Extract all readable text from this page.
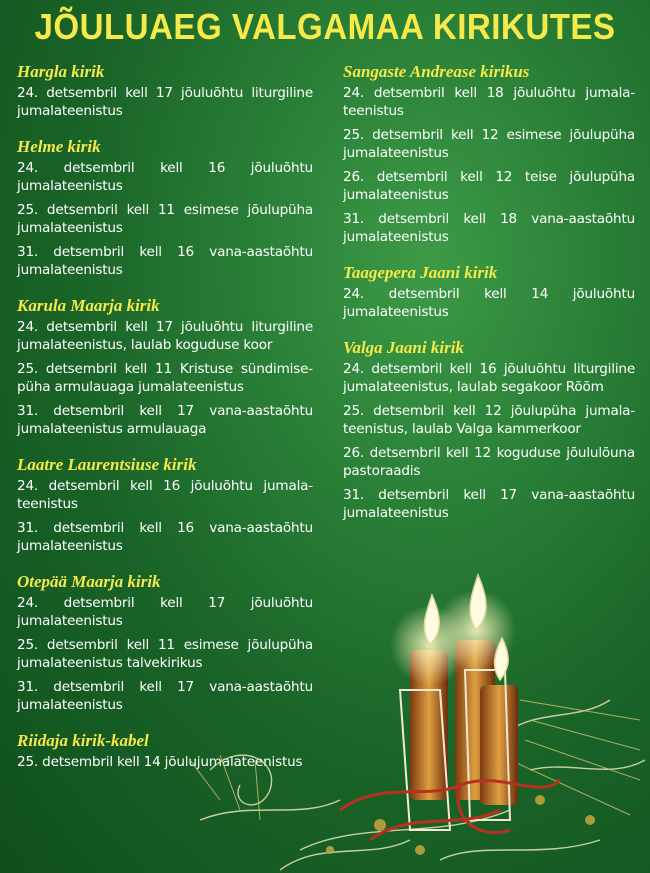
JÕULUAEG VALGAMAA KIRIKUTES
Hargla kirik
24. detsembril kell 17 jõuluõhtu liturgiline jumalateenistus
Helme kirik
24. detsembril kell 16 jõuluõhtu jumalateenistus
25. detsembril kell 11 esimese jõulupüha jumalateenistus
31. detsembril kell 16 vana-aastaõhtu jumalateenistus
Karula Maarja kirik
24. detsembril kell 17 jõuluõhtu liturgiline jumalateenistus, laulab koguduse koor
25. detsembril kell 11 Kristuse sündimise-püha armulauaga jumalateenistus
31. detsembril kell 17 vana-aastaõhtu jumalateenistus armulauaga
Laatre Laurentsiuse kirik
24. detsembril kell 16 jõuluõhtu jumala-teenistus
31. detsembril kell 16 vana-aastaõhtu jumalateenistus
Otepää Maarja kirik
24. detsembril kell 17 jõuluõhtu jumalateenistus
25. detsembril kell 11 esimese jõulupüha jumalateenistus talvekirikus
31. detsembril kell 17 vana-aastaõhtu jumalateenistus
Riidaja kirik-kabel
25. detsembril kell 14 jõulujumalateenistus
Sangaste Andrease kirikus
24. detsembril kell 18 jõuluõhtu jumala-teenistus
25. detsembril kell 12 esimese jõulupüha jumalateenistus
26. detsembril kell 12 teise jõulupüha jumalateenistus
31. detsembril kell 18 vana-aastaõhtu jumalateenistus
Taagepera Jaani kirik
24. detsembril kell 14 jõuluõhtu jumalateenistus
Valga Jaani kirik
24. detsembril kell 16 jõuluõhtu liturgiline jumalateenistus, laulab segakoor Rõõm
25. detsembril kell 12 jõulupüha jumala-teenistus, laulab Valga kammerkoor
26. detsembril kell 12 koguduse jõululõuna pastoraadis
31. detsembril kell 17 vana-aastaõhtu jumalateenistus
